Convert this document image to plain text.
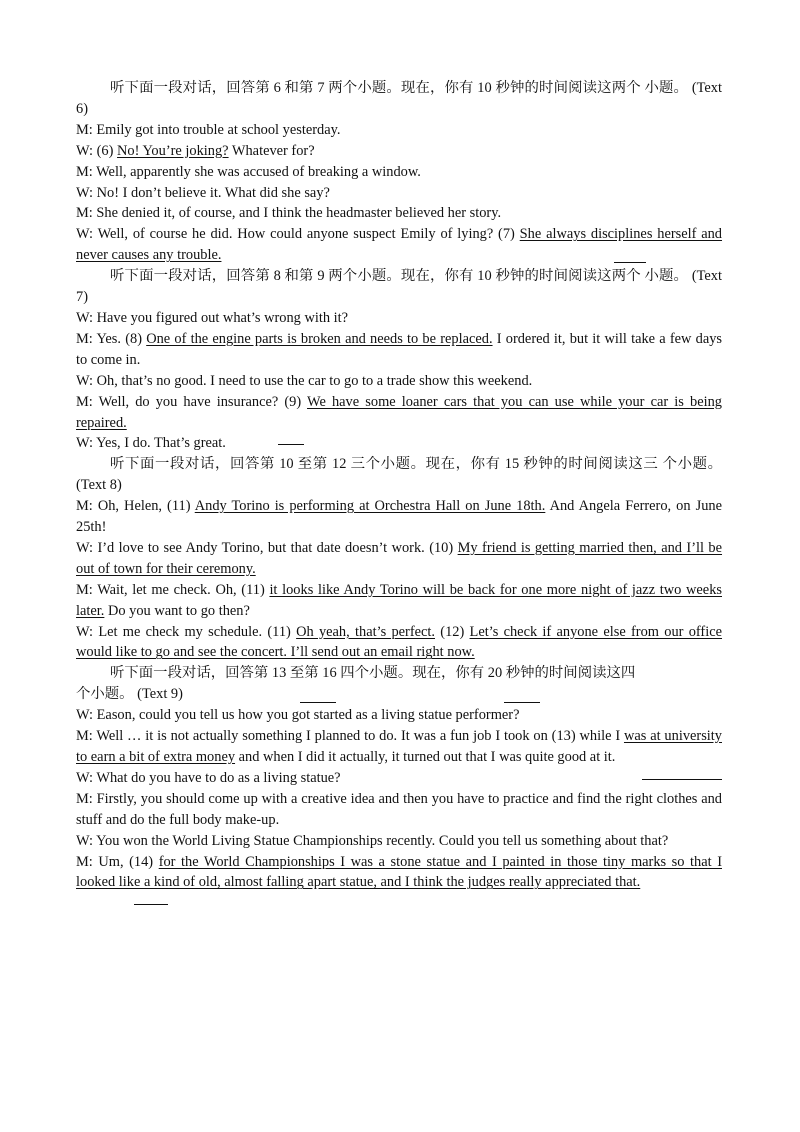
听下面一段对话，回答第 6 和第 7 两个小题。现在，你有 10 秒钟的时间阅读这两个 小题。 (Text 6)

M: Emily got into trouble at school yesterday.

W: (6) No! You’re joking? Whatever for?

M: Well, apparently she was accused of breaking a window.

W: No! I don’t believe it. What did she say?

M: She denied it, of course, and I think the headmaster believed her story.

W: Well, of course he did. How could anyone suspect Emily of lying? (7) She always disciplines herself and never causes any trouble.

听下面一段对话，回答第 8 和第 9 两个小题。现在，你有 10 秒钟的时间阅读这两个 小题。 (Text 7)

W: Have you figured out what’s wrong with it?

M: Yes. (8) One of the engine parts is broken and needs to be replaced. I ordered it, but it will take a few days to come in.

W: Oh, that’s no good. I need to use the car to go to a trade show this weekend.

M: Well, do you have insurance? (9) We have some loaner cars that you can use while your car is being repaired.

W: Yes, I do. That’s great.

听下面一段对话，回答第 10 至第 12 三个小题。现在，你有 15 秒钟的时间阅读这三 个小题。 (Text 8)

M: Oh, Helen, (11) Andy Torino is performing at Orchestra Hall on June 18th. And Angela Ferrero, on June 25th!

W: I’d love to see Andy Torino, but that date doesn’t work. (10) My friend is getting married then, and I’ll be out of town for their ceremony.

M: Wait, let me check. Oh, (11) it looks like Andy Torino will be back for one more night of jazz two weeks later. Do you want to go then?

W: Let me check my schedule. (11) Oh yeah, that’s perfect. (12) Let’s check if anyone else from our office would like to go and see the concert. I’ll send out an email right now.

听下面一段对话，回答第 13 至第 16 四个小题。现在，你有 20 秒钟的时间阅读这四

个小题。 (Text 9)

W: Eason, could you tell us how you got started as a living statue performer?

M: Well … it is not actually something I planned to do. It was a fun job I took on (13) while I was at university to earn a bit of extra money and when I did it actually, it turned out that I was quite good at it.

W: What do you have to do as a living statue?

M: Firstly, you should come up with a creative idea and then you have to practice and find the right clothes and stuff and do the full body make-up.

W: You won the World Living Statue Championships recently. Could you tell us something about that?

M: Um, (14) for the World Championships I was a stone statue and I painted in those tiny marks so that I looked like a kind of old, almost falling apart statue, and I think the judges really appreciated that.
